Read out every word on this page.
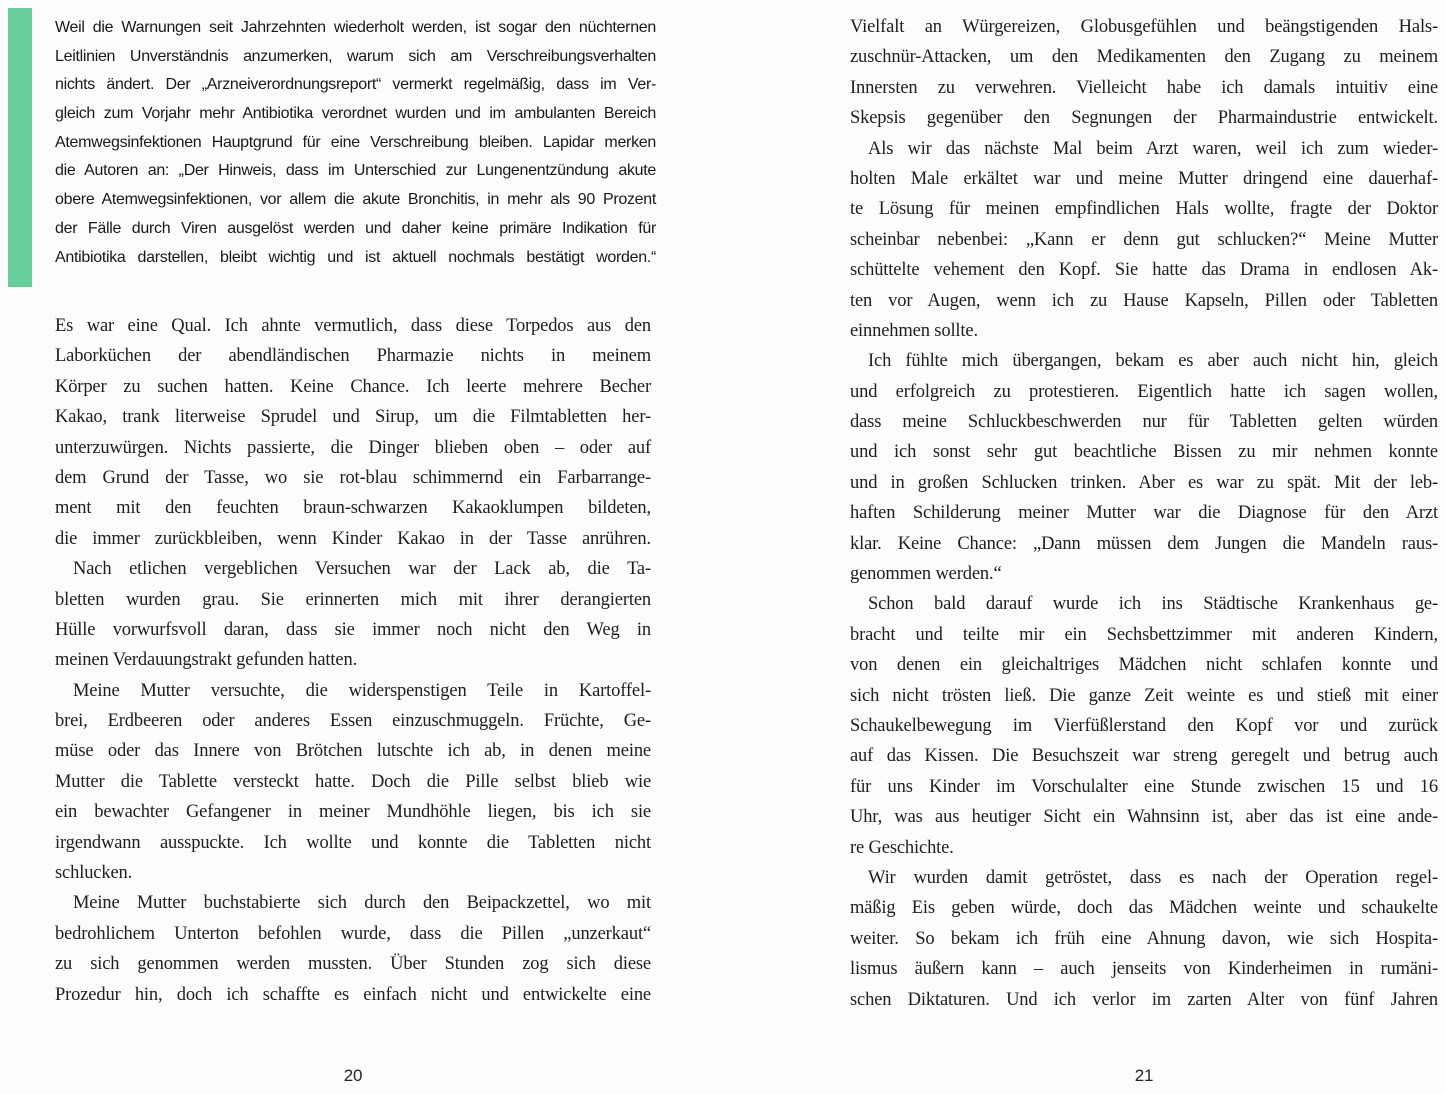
Weil die Warnungen seit Jahrzehnten wiederholt werden, ist sogar den nüchternen
Leitlinien Unverständnis anzumerken, warum sich am Verschreibungsverhalten
nichts ändert. Der „Arzneiverordnungsreport“ vermerkt regelmäßig, dass im Ver-
gleich zum Vorjahr mehr Antibiotika verordnet wurden und im ambulanten Bereich
Atemwegsinfektionen Hauptgrund für eine Verschreibung bleiben. Lapidar merken
die Autoren an: „Der Hinweis, dass im Unterschied zur Lungenentzündung akute
obere Atemwegsinfektionen, vor allem die akute Bronchitis, in mehr als 90 Prozent
der Fälle durch Viren ausgelöst werden und daher keine primäre Indikation für
Antibiotika darstellen, bleibt wichtig und ist aktuell nochmals bestätigt worden.“
Es war eine Qual. Ich ahnte vermutlich, dass diese Torpedos aus den
Laborküchen der abendländischen Pharmazie nichts in meinem
Körper zu suchen hatten. Keine Chance. Ich leerte mehrere Becher
Kakao, trank literweise Sprudel und Sirup, um die Filmtabletten her-
unterzuwürgen. Nichts passierte, die Dinger blieben oben – oder auf
dem Grund der Tasse, wo sie rot-blau schimmernd ein Farbarrange-
ment mit den feuchten braun-schwarzen Kakaoklumpen bildeten,
die immer zurückbleiben, wenn Kinder Kakao in der Tasse anrühren.
Nach etlichen vergeblichen Versuchen war der Lack ab, die Ta-
bletten wurden grau. Sie erinnerten mich mit ihrer derangierten
Hülle vorwurfsvoll daran, dass sie immer noch nicht den Weg in
meinen Verdauungstrakt gefunden hatten.
Meine Mutter versuchte, die widerspenstigen Teile in Kartoffel-
brei, Erdbeeren oder anderes Essen einzuschmuggeln. Früchte, Ge-
müse oder das Innere von Brötchen lutschte ich ab, in denen meine
Mutter die Tablette versteckt hatte. Doch die Pille selbst blieb wie
ein bewachter Gefangener in meiner Mundhöhle liegen, bis ich sie
irgendwann ausspuckte. Ich wollte und konnte die Tabletten nicht
schlucken.
Meine Mutter buchstabierte sich durch den Beipackzettel, wo mit
bedrohlichem Unterton befohlen wurde, dass die Pillen „unzerkaut“
zu sich genommen werden mussten. Über Stunden zog sich diese
Prozedur hin, doch ich schaffte es einfach nicht und entwickelte eine
Vielfalt an Würgereizen, Globusgefühlen und beängstigenden Hals-
zuschnür-Attacken, um den Medikamenten den Zugang zu meinem
Innersten zu verwehren. Vielleicht habe ich damals intuitiv eine
Skepsis gegenüber den Segnungen der Pharmaindustrie entwickelt.
Als wir das nächste Mal beim Arzt waren, weil ich zum wieder-
holten Male erkältet war und meine Mutter dringend eine dauerhaf-
te Lösung für meinen empfindlichen Hals wollte, fragte der Doktor
scheinbar nebenbei: „Kann er denn gut schlucken?“ Meine Mutter
schüttelte vehement den Kopf. Sie hatte das Drama in endlosen Ak-
ten vor Augen, wenn ich zu Hause Kapseln, Pillen oder Tabletten
einnehmen sollte.
Ich fühlte mich übergangen, bekam es aber auch nicht hin, gleich
und erfolgreich zu protestieren. Eigentlich hatte ich sagen wollen,
dass meine Schluckbeschwerden nur für Tabletten gelten würden
und ich sonst sehr gut beachtliche Bissen zu mir nehmen konnte
und in großen Schlucken trinken. Aber es war zu spät. Mit der leb-
haften Schilderung meiner Mutter war die Diagnose für den Arzt
klar. Keine Chance: „Dann müssen dem Jungen die Mandeln raus-
genommen werden.“
Schon bald darauf wurde ich ins Städtische Krankenhaus ge-
bracht und teilte mir ein Sechsbettzimmer mit anderen Kindern,
von denen ein gleichaltriges Mädchen nicht schlafen konnte und
sich nicht trösten ließ. Die ganze Zeit weinte es und stieß mit einer
Schaukelbewegung im Vierfüßlerstand den Kopf vor und zurück
auf das Kissen. Die Besuchszeit war streng geregelt und betrug auch
für uns Kinder im Vorschulalter eine Stunde zwischen 15 und 16
Uhr, was aus heutiger Sicht ein Wahnsinn ist, aber das ist eine ande-
re Geschichte.
Wir wurden damit getröstet, dass es nach der Operation regel-
mäßig Eis geben würde, doch das Mädchen weinte und schaukelte
weiter. So bekam ich früh eine Ahnung davon, wie sich Hospita-
lismus äußern kann – auch jenseits von Kinderheimen in rumäni-
schen Diktaturen. Und ich verlor im zarten Alter von fünf Jahren
20	21
